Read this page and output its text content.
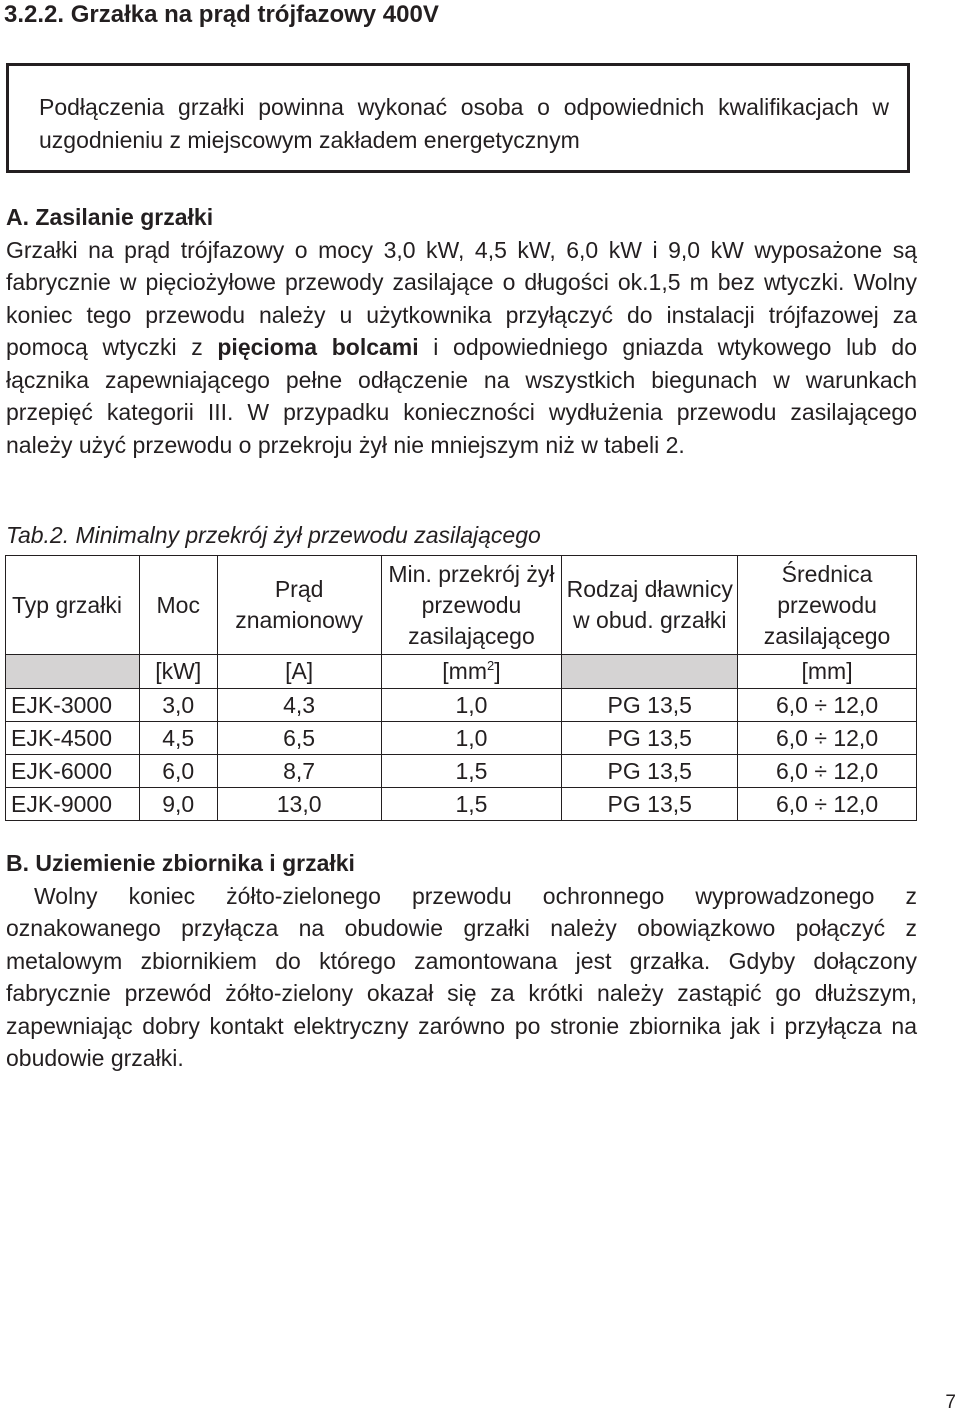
3.2.2. Grzałka na prąd trójfazowy 400V

Podłączenia grzałki powinna wykonać osoba o odpowiednich kwalifikacjach w uzgodnieniu z miejscowym zakładem energetycznym

A. Zasilanie grzałki

Grzałki na prąd trójfazowy o mocy 3,0 kW, 4,5 kW, 6,0 kW i 9,0 kW wyposażone są fabrycznie w pięciożyłowe przewody zasilające o długości ok.1,5 m bez wtyczki. Wolny koniec tego przewodu należy u użytkownika przyłączyć do instalacji trójfazowej za pomocą wtyczki z pięcioma bolcami i odpowiedniego gniazda wtykowego lub do łącznika zapewniającego pełne odłączenie na wszystkich biegunach w warunkach przepięć kategorii III. W przypadku konieczności wydłużenia przewodu zasilającego należy użyć przewodu o przekroju żył nie mniejszym niż w tabeli 2.

Tab.2. Minimalny przekrój żył przewodu zasilającego
Typ grzałki	Moc	Prąd znamionowy	Min. przekrój żył przewodu zasilającego	Rodzaj dławnicy w obud. grzałki	Średnica przewodu zasilającego
	[kW]	[A]	$[mm^2]$		[mm]
EJK-3000	3,0	4,3	1,0	PG 13,5	6,0 ÷ 12,0
EJK-4500	4,5	6,5	1,0	PG 13,5	6,0 ÷ 12,0
EJK-6000	6,0	8,7	1,5	PG 13,5	6,0 ÷ 12,0
EJK-9000	9,0	13,0	1,5	PG 13,5	6,0 ÷ 12,0

B. Uziemienie zbiornika i grzałki

Wolny koniec żółto-zielonego przewodu ochronnego wyprowadzonego z oznakowanego przyłącza na obudowie grzałki należy obowiązkowo połączyć z metalowym zbiornikiem do którego zamontowana jest grzałka. Gdyby dołączony fabrycznie przewód żółto-zielony okazał się za krótki należy zastąpić go dłuższym, zapewniając dobry kontakt elektryczny zarówno po stronie zbiornika jak i przyłącza na obudowie grzałki.

7
